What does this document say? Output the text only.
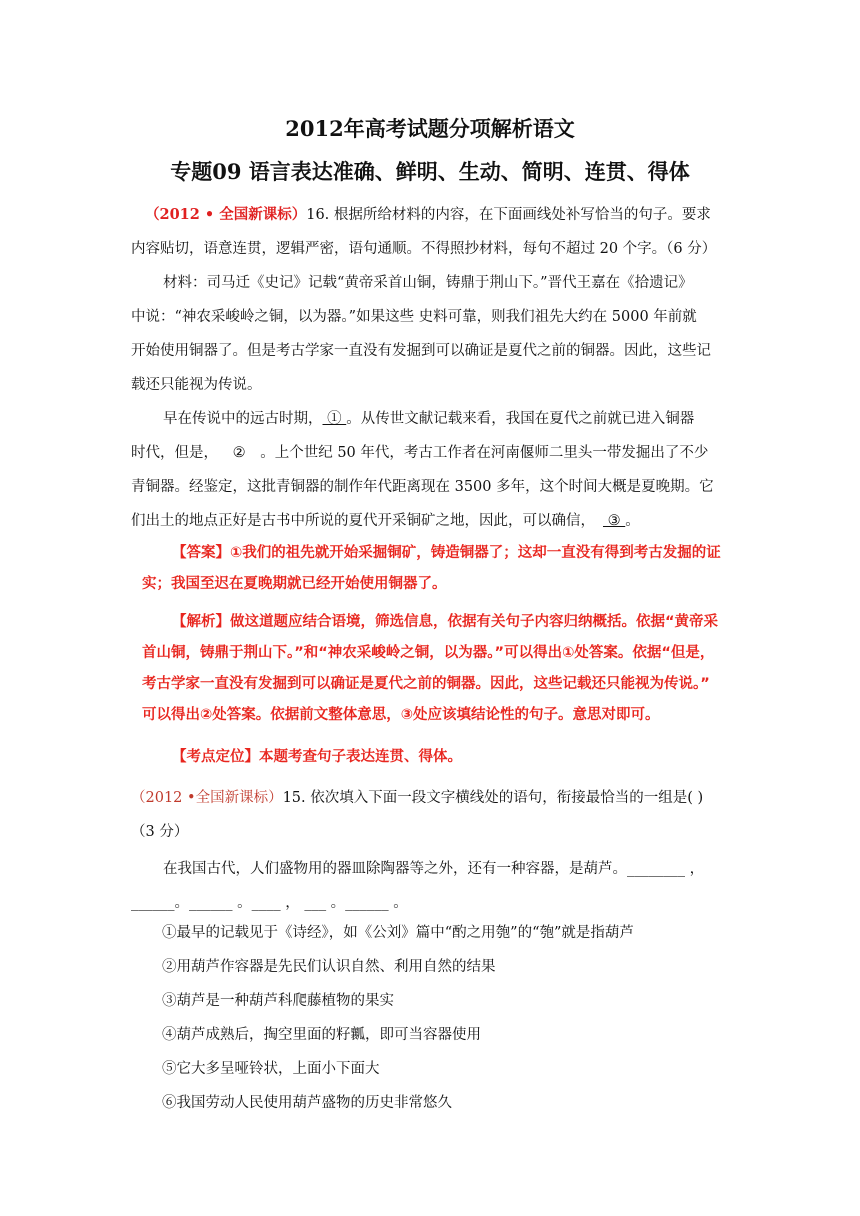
2012年高考试题分项解析语文
专题09 语言表达准确、鲜明、生动、简明、连贯、得体
（2012 • 全国新课标）16. 根据所给材料的内容，在下面画线处补写恰当的句子。要求
内容贴切，语意连贯，逻辑严密，语句通顺。不得照抄材料，每句不超过 20 个字。（6 分）
材料：司马迁《史记》记载“黄帝采首山铜，铸鼎于荆山下。”晋代王嘉在《拾遗记》
中说：“神农采峻岭之铜，以为器。”如果这些 史料可靠，则我们祖先大约在 5000 年前就
开始使用铜器了。但是考古学家一直没有发掘到可以确证是夏代之前的铜器。因此，这些记
载还只能视为传说。
早在传说中的远古时期， ① 。从传世文献记载来看，我国在夏代之前就已进入铜器
时代，但是， ② 。上个世纪 50 年代，考古工作者在河南偃师二里头一带发掘出了不少
青铜器。经鉴定，这批青铜器的制作年代距离现在 3500 多年，这个时间大概是夏晚期。它
们出土的地点正好是古书中所说的夏代开采铜矿之地，因此，可以确信， ③ 。
【答案】①我们的祖先就开始采掘铜矿，铸造铜器了；这却一直没有得到考古发掘的证
实；我国至迟在夏晚期就已经开始使用铜器了。
【解析】做这道题应结合语境，筛选信息，依据有关句子内容归纳概括。依据“黄帝采
首山铜，铸鼎于荆山下。”和“神农采峻岭之铜，以为器。”可以得出①处答案。依据“但是，
考古学家一直没有发掘到可以确证是夏代之前的铜器。因此，这些记载还只能视为传说。”
可以得出②处答案。依据前文整体意思，③处应该填结论性的句子。意思对即可。
【考点定位】本题考查句子表达连贯、得体。
（2012 •全国新课标）15. 依次填入下面一段文字横线处的语句，衔接最恰当的一组是( )
（3 分）
在我国古代，人们盛物用的器皿除陶器等之外，还有一种容器，是葫芦。________ ，
______。______ 。____ ， ___ 。______ 。
①最早的记载见于《诗经》，如《公刘》篇中“酌之用匏”的“匏”就是指葫芦
②用葫芦作容器是先民们认识自然、利用自然的结果
③葫芦是一种葫芦科爬藤植物的果实
④葫芦成熟后，掏空里面的籽瓤，即可当容器使用
⑤它大多呈哑铃状，上面小下面大
⑥我国劳动人民使用葫芦盛物的历史非常悠久
